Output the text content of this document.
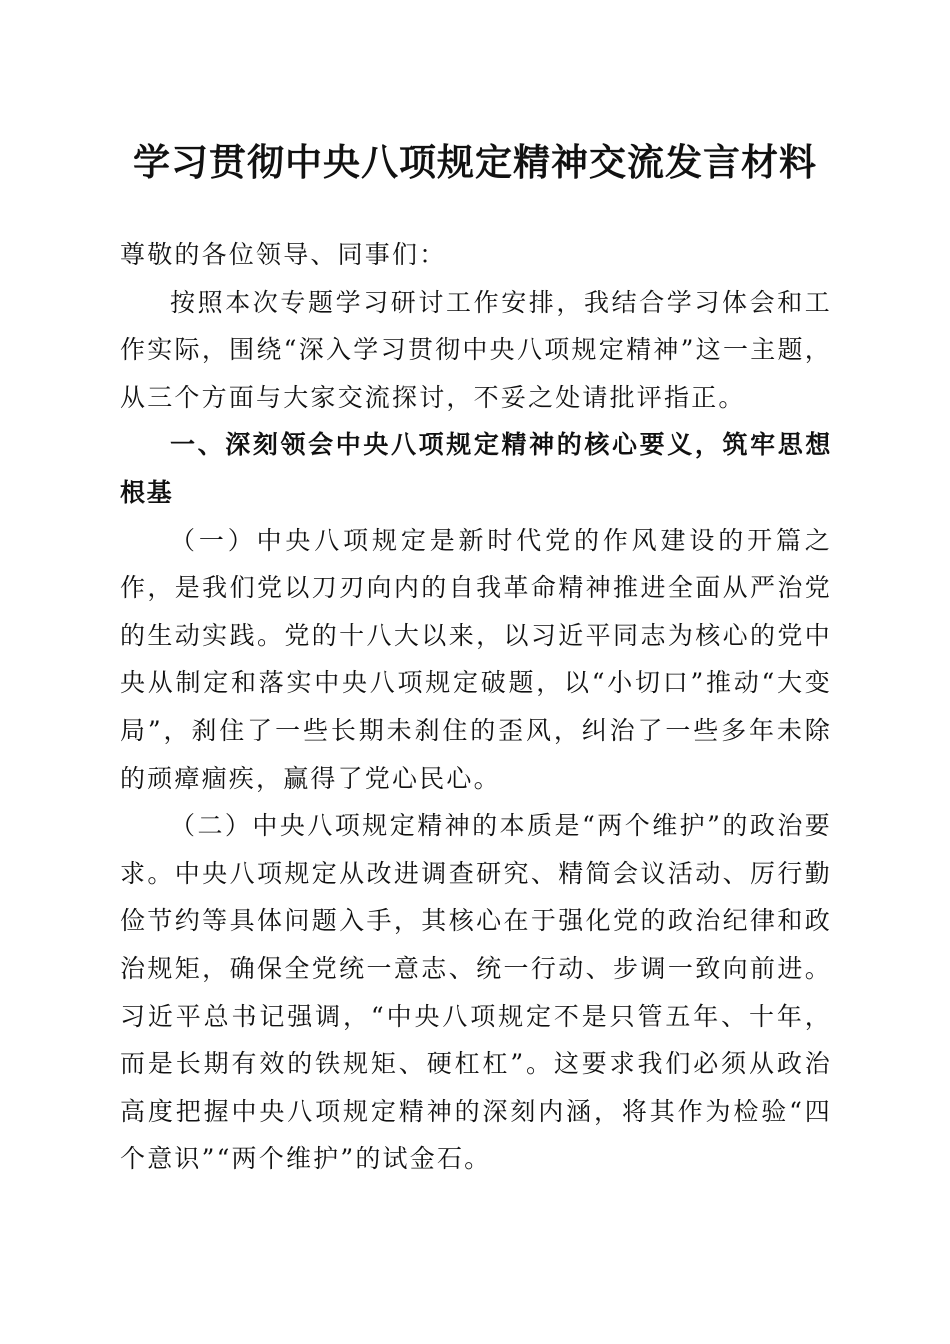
学习贯彻中央八项规定精神交流发言材料

尊敬的各位领导、同事们：

按照本次专题学习研讨工作安排，我结合学习体会和工作实际，围绕“深入学习贯彻中央八项规定精神”这一主题，从三个方面与大家交流探讨，不妥之处请批评指正。

一、深刻领会中央八项规定精神的核心要义，筑牢思想根基

（一）中央八项规定是新时代党的作风建设的开篇之作，是我们党以刀刃向内的自我革命精神推进全面从严治党的生动实践。党的十八大以来，以习近平同志为核心的党中央从制定和落实中央八项规定破题，以“小切口”推动“大变局”，刹住了一些长期未刹住的歪风，纠治了一些多年未除的顽瘴痼疾，赢得了党心民心。

（二）中央八项规定精神的本质是“两个维护”的政治要求。中央八项规定从改进调查研究、精简会议活动、厉行勤俭节约等具体问题入手，其核心在于强化党的政治纪律和政治规矩，确保全党统一意志、统一行动、步调一致向前进。习近平总书记强调，“中央八项规定不是只管五年、十年，而是长期有效的铁规矩、硬杠杠”。这要求我们必须从政治高度把握中央八项规定精神的深刻内涵，将其作为检验“四个意识”“两个维护”的试金石。
